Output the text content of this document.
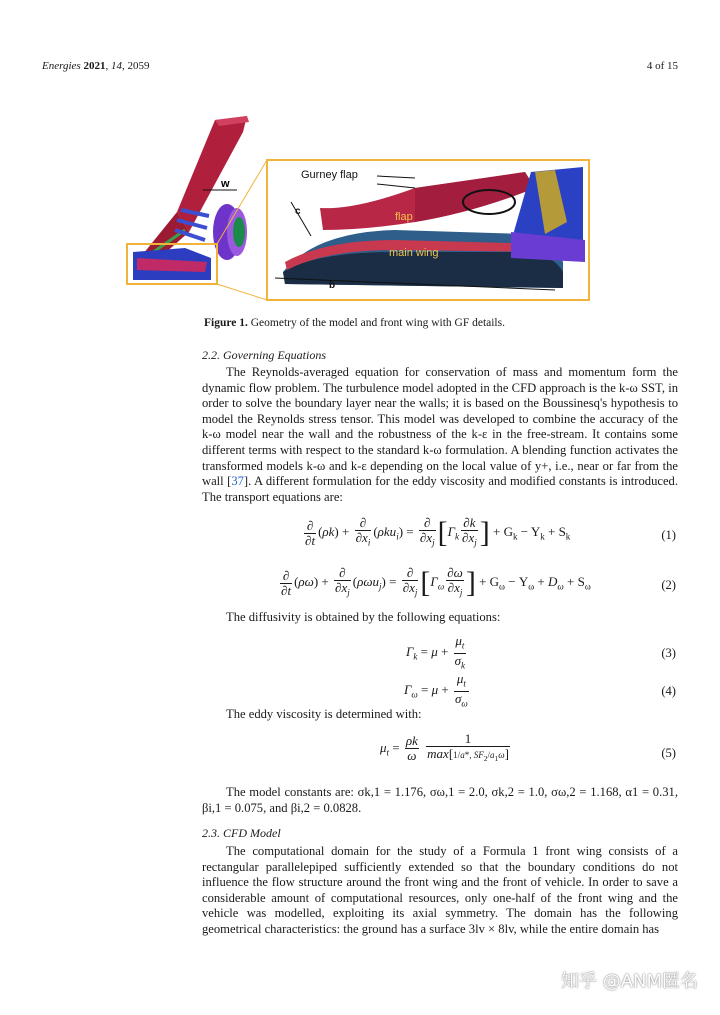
Energies 2021, 14, 2059	4 of 15
w
Gurney flap
flap
main wing
c
b
Figure 1. Geometry of the model and front wing with GF details.
2.2. Governing Equations
The Reynolds-averaged equation for conservation of mass and momentum form the dynamic flow problem. The turbulence model adopted in the CFD approach is the k-ω SST, in order to solve the boundary layer near the walls; it is based on the Boussinesq's hypothesis to model the Reynolds stress tensor. This model was developed to combine the accuracy of the k-ω model near the wall and the robustness of the k-ε in the free-stream. It contains some different terms with respect to the standard k-ω formulation. A blending function activates the transformed models k-ω and k-ε depending on the local value of y+, i.e., near or far from the wall [37]. A different formulation for the eddy viscosity and modified constants is introduced. The transport equations are:
$\frac{\partial}{\partial t} (\rho k) + \frac{\partial}{\partial x_i} (\rho ku_i) = \frac{\partial}{\partial x_j} [\Gamma_k \frac{\partial k}{\partial x_j}$ ] + $G_k - Y_k + S_k$	(1)
$\frac{\partial}{\partial t} (\rho\omega) + \frac{\partial}{\partial x_j} (\rho\omega u_j) = \frac{\partial}{\partial x_j} [\Gamma_\omega \frac{\partial\omega}{\partial x_j}$ ] + $G_\omega - Y_\omega + D_\omega + S_\omega$	(2)
The diffusivity is obtained by the following equations:
$\Gamma_k = \mu + \frac{\mu_t}{\sigma_k}$	(3)
$\Gamma_\omega = \mu + \frac{\mu_t}{\sigma_\omega}$	(4)
The eddy viscosity is determined with:
$\mu_t = \frac{\rho k}{\omega}$
$\frac{1}{\max[1/a*, SF_2/a_1\omega]}$	(5)
The model constants are: σk,1 = 1.176, σω,1 = 2.0, σk,2 = 1.0, σω,2 = 1.168, α1 = 0.31, βi,1 = 0.075, and βi,2 = 0.0828.
2.3. CFD Model
The computational domain for the study of a Formula 1 front wing consists of a rectangular parallelepiped sufficiently extended so that the boundary conditions do not influence the flow structure around the front wing and the front of vehicle. In order to save a considerable amount of computational resources, only one-half of the front wing and the vehicle was modelled, exploiting its axial symmetry. The domain has the following geometrical characteristics: the ground has a surface 3lv × 8lv, while the entire domain has
知乎 @ANM匿名
